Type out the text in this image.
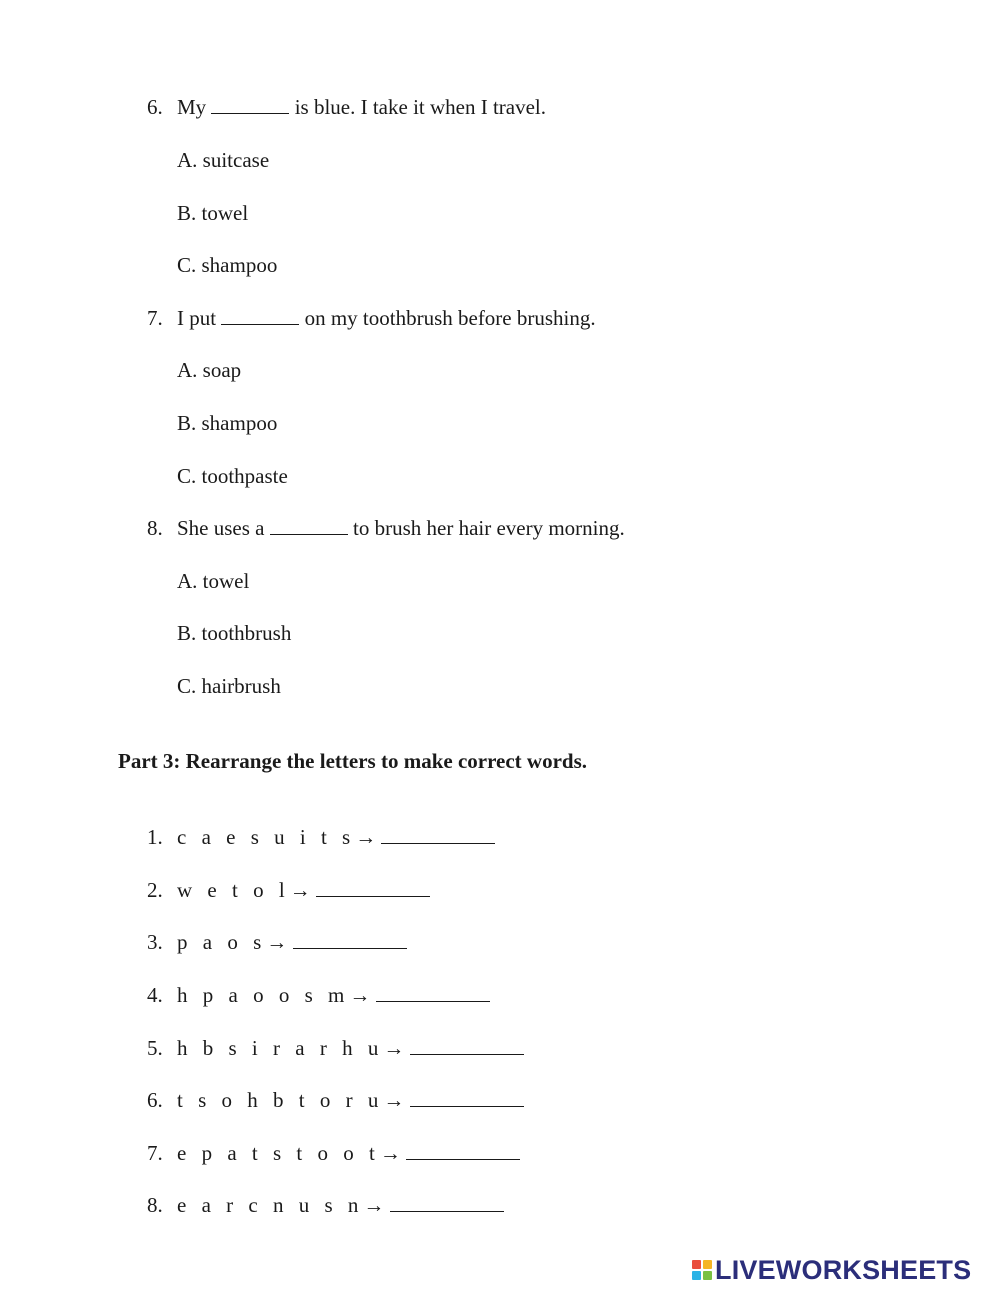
6. My	is blue. I take it when I travel.
A. suitcase
B. towel
C. shampoo
7. I put	on my toothbrush before brushing.
A. soap
B. shampoo
C. toothpaste
8. She uses a	to brush her hair every morning.
A. towel
B. toothbrush
C. hairbrush
Part 3: Rearrange the letters to make correct words.
1. c a e s u i t s→
2. w e t o l→
3. p a o s→
4. h p a o o s m→
5. h b s i r a r h u→
6. t s o h b t o r u→
7. e p a t s t o o t→
8. e a r c n u s n→
LIVEWORKSHEETS
